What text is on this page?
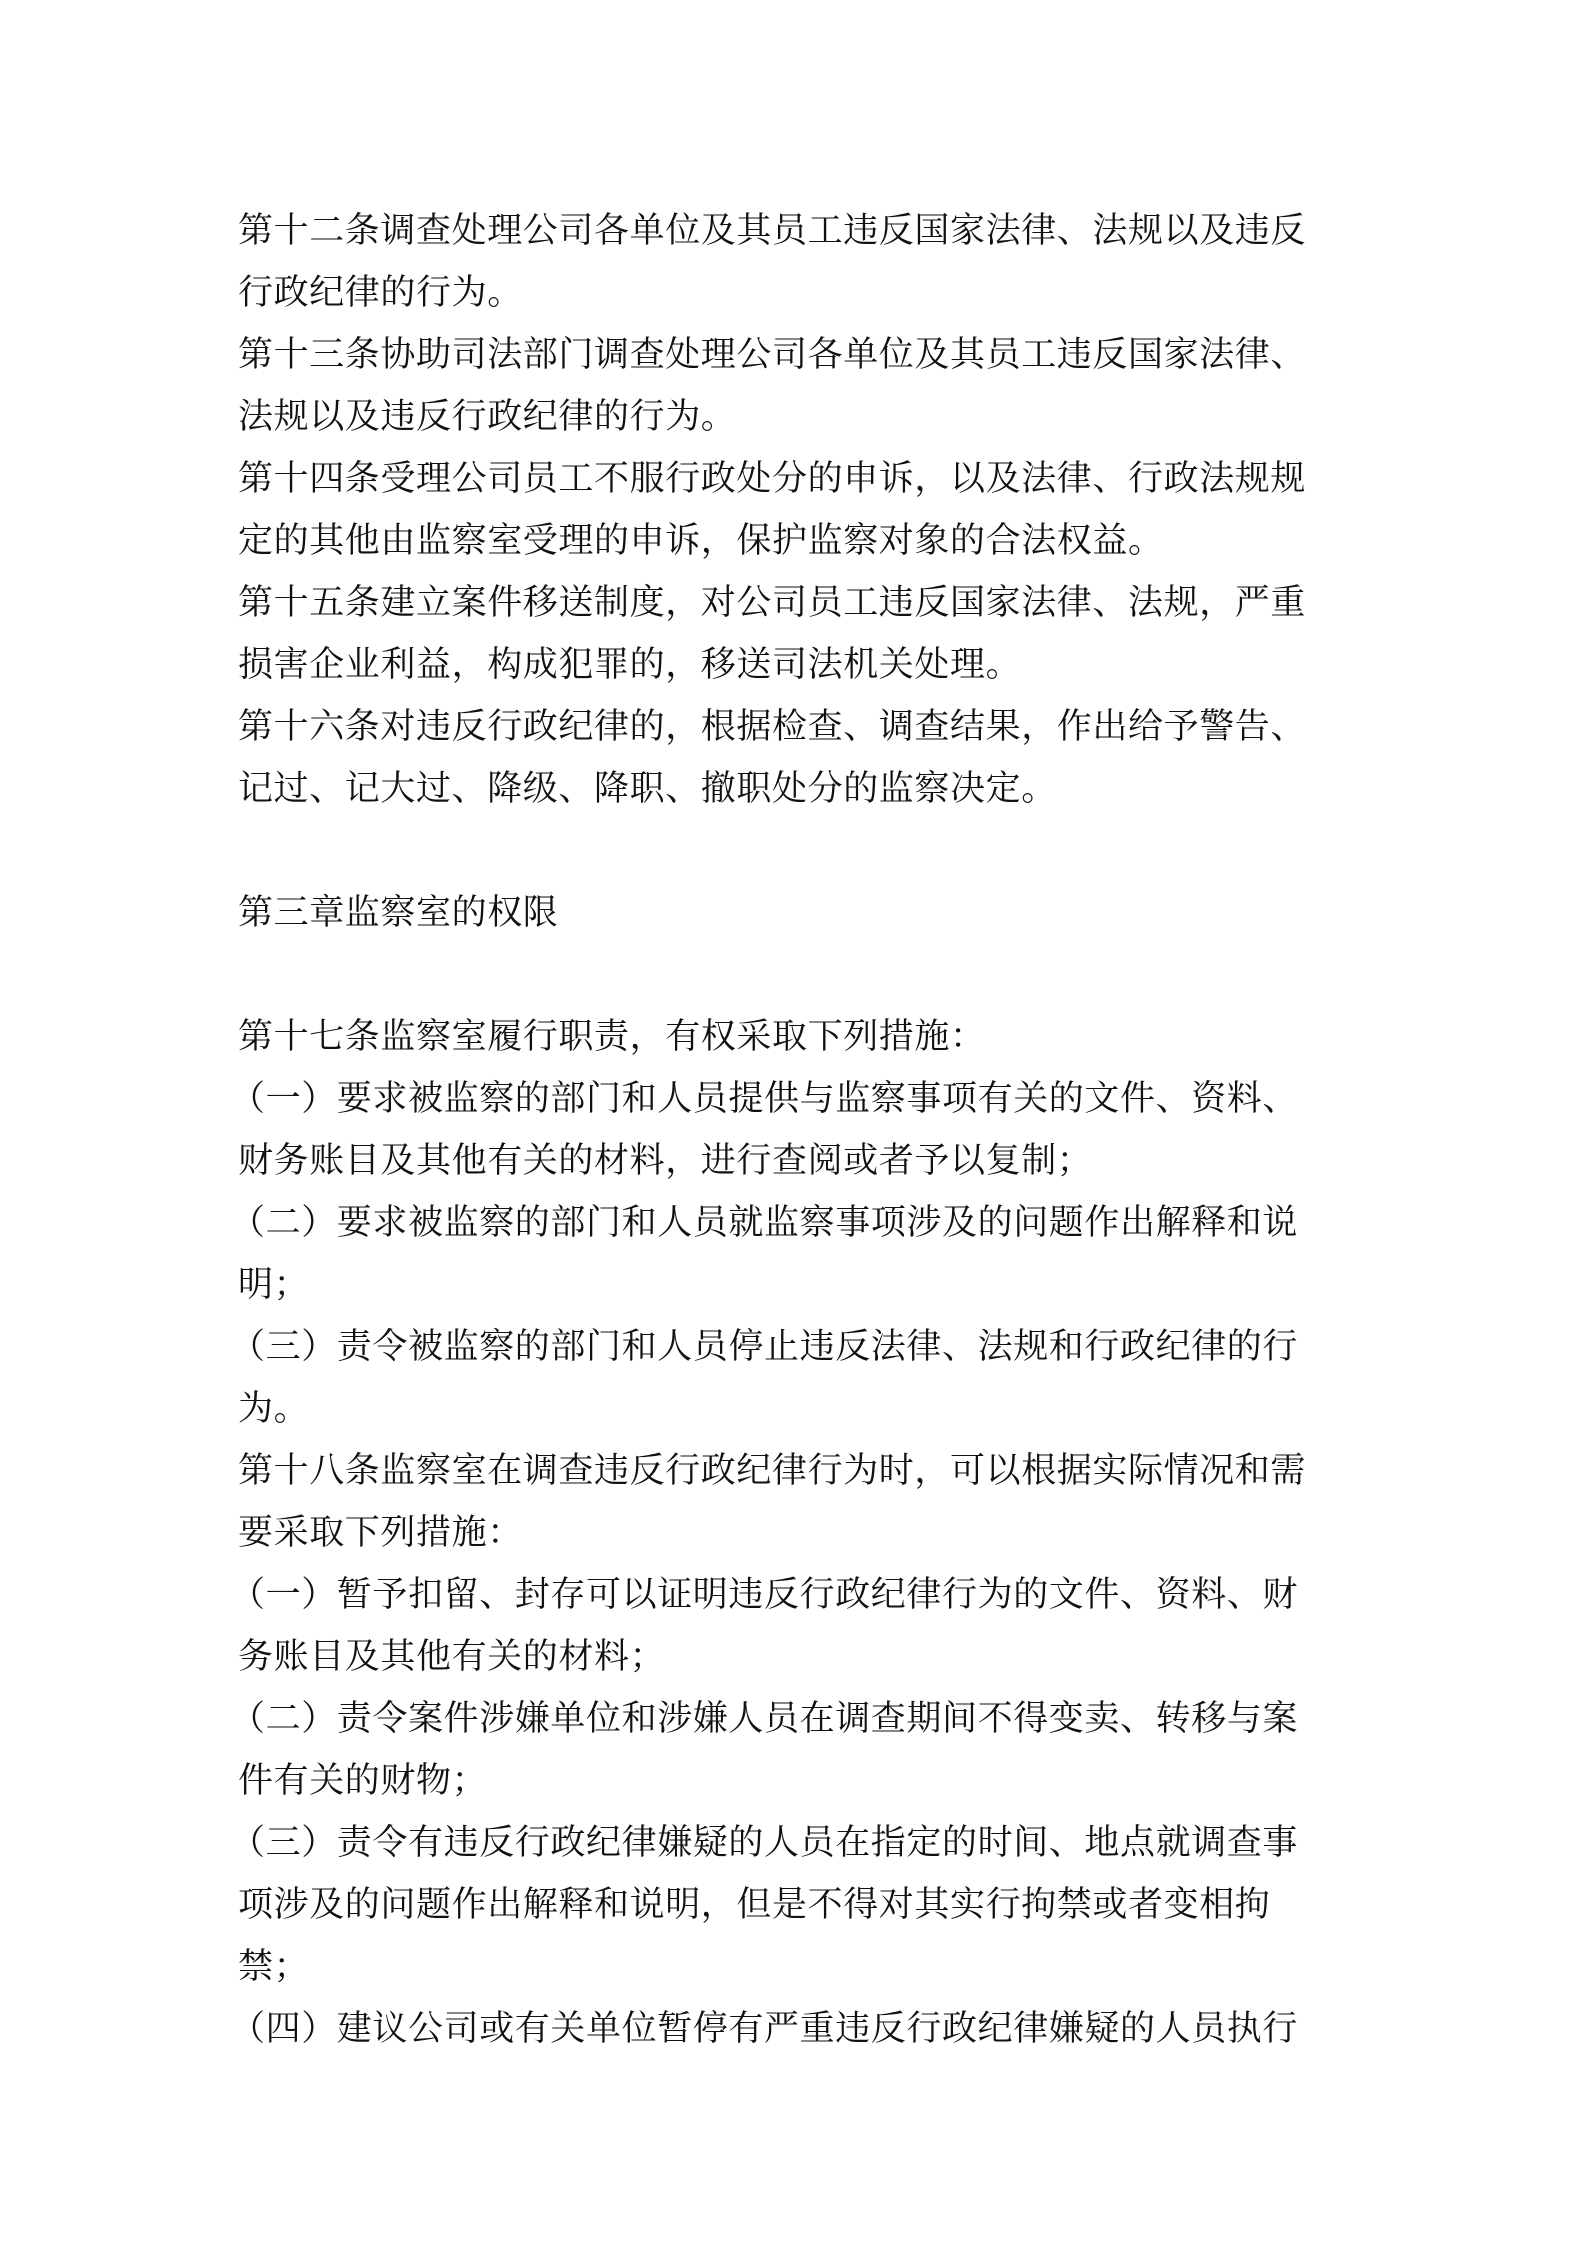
第十二条调查处理公司各单位及其员工违反国家法律、法规以及违反
行政纪律的行为。
第十三条协助司法部门调查处理公司各单位及其员工违反国家法律、
法规以及违反行政纪律的行为。
第十四条受理公司员工不服行政处分的申诉，以及法律、行政法规规
定的其他由监察室受理的申诉，保护监察对象的合法权益。
第十五条建立案件移送制度，对公司员工违反国家法律、法规，严重
损害企业利益，构成犯罪的，移送司法机关处理。
第十六条对违反行政纪律的，根据检查、调查结果，作出给予警告、
记过、记大过、降级、降职、撤职处分的监察决定。
第三章监察室的权限
第十七条监察室履行职责，有权采取下列措施：
（一）要求被监察的部门和人员提供与监察事项有关的文件、资料、
财务账目及其他有关的材料，进行查阅或者予以复制；
（二）要求被监察的部门和人员就监察事项涉及的问题作出解释和说
明；
（三）责令被监察的部门和人员停止违反法律、法规和行政纪律的行
为。
第十八条监察室在调查违反行政纪律行为时，可以根据实际情况和需
要采取下列措施：
（一）暂予扣留、封存可以证明违反行政纪律行为的文件、资料、财
务账目及其他有关的材料；
（二）责令案件涉嫌单位和涉嫌人员在调查期间不得变卖、转移与案
件有关的财物；
（三）责令有违反行政纪律嫌疑的人员在指定的时间、地点就调查事
项涉及的问题作出解释和说明，但是不得对其实行拘禁或者变相拘
禁；
（四）建议公司或有关单位暂停有严重违反行政纪律嫌疑的人员执行
